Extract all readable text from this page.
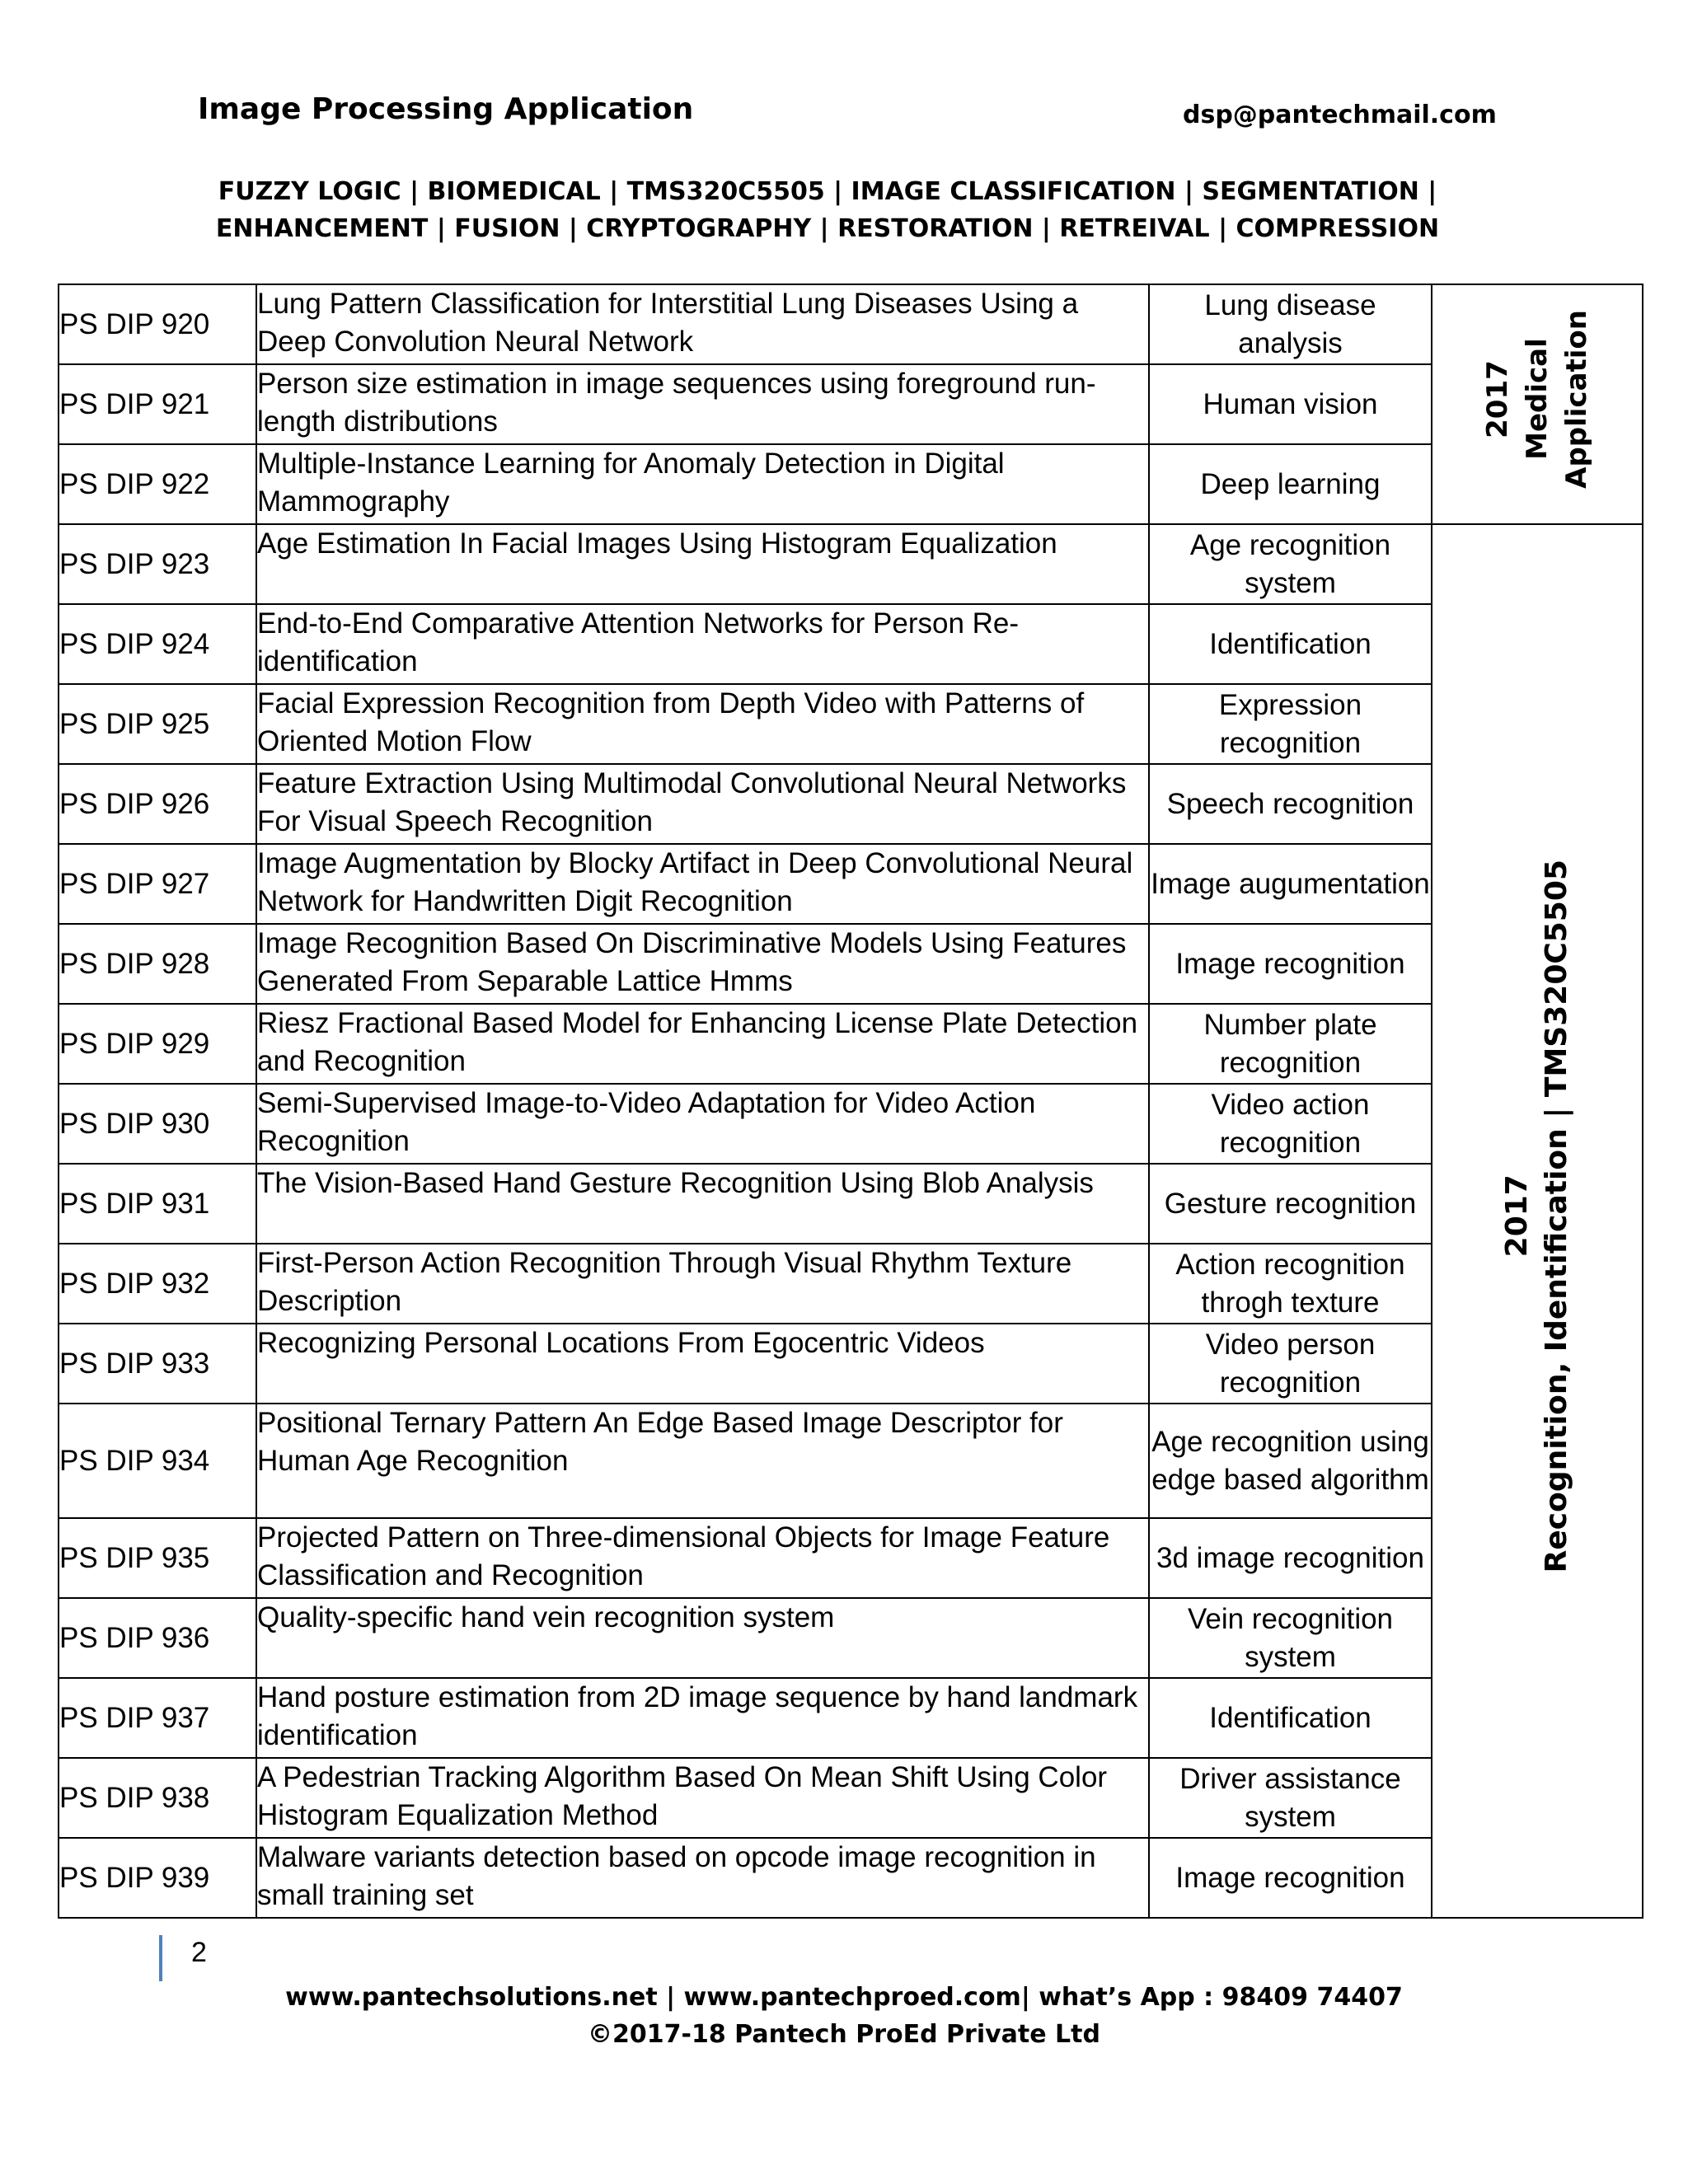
Image Processing Application	dsp@pantechmail.com
FUZZY LOGIC | BIOMEDICAL | TMS320C5505 | IMAGE CLASSIFICATION | SEGMENTATION |
ENHANCEMENT | FUSION | CRYPTOGRAPHY | RESTORATION | RETREIVAL | COMPRESSION
PS DIP 920	Lung Pattern Classification for Interstitial Lung Diseases Using a Deep Convolution Neural Network	Lung disease analysis	2017 Medical Application

PS DIP 921	Person size estimation in image sequences using foreground run-length distributions	Human vision	
PS DIP 922	Multiple-Instance Learning for Anomaly Detection in Digital Mammography	Deep learning	
PS DIP 923	Age Estimation In Facial Images Using Histogram Equalization	Age recognition system	2017 Recognition, Identification | TMS320C5505

PS DIP 924	End-to-End Comparative Attention Networks for Person Re-identification	Identification	
PS DIP 925	Facial Expression Recognition from Depth Video with Patterns of Oriented Motion Flow	Expression recognition	
PS DIP 926	Feature Extraction Using Multimodal Convolutional Neural Networks For Visual Speech Recognition	Speech recognition	
PS DIP 927	Image Augmentation by Blocky Artifact in Deep Convolutional Neural Network for Handwritten Digit Recognition	Image augumentation	
PS DIP 928	Image Recognition Based On Discriminative Models Using Features Generated From Separable Lattice Hmms	Image recognition	
PS DIP 929	Riesz Fractional Based Model for Enhancing License Plate Detection and Recognition	Number plate recognition	
PS DIP 930	Semi-Supervised Image-to-Video Adaptation for Video Action Recognition	Video action recognition	
PS DIP 931	The Vision-Based Hand Gesture Recognition Using Blob Analysis	Gesture recognition	
PS DIP 932	First-Person Action Recognition Through Visual Rhythm Texture Description	Action recognition throgh texture	
PS DIP 933	Recognizing Personal Locations From Egocentric Videos	Video person recognition	
PS DIP 934	Positional Ternary Pattern An Edge Based Image Descriptor for Human Age Recognition	Age recognition using edge based algorithm	
PS DIP 935	Projected Pattern on Three-dimensional Objects for Image Feature Classification and Recognition	3d image recognition	
PS DIP 936	Quality-specific hand vein recognition system	Vein recognition system	
PS DIP 937	Hand posture estimation from 2D image sequence by hand landmark identification	Identification	
PS DIP 938	A Pedestrian Tracking Algorithm Based On Mean Shift Using Color Histogram Equalization Method	Driver assistance system	
PS DIP 939	Malware variants detection based on opcode image recognition in small training set	Image recognition	
2
www.pantechsolutions.net | www.pantechproed.com| what’s App : 98409 74407
©2017-18 Pantech ProEd Private Ltd
